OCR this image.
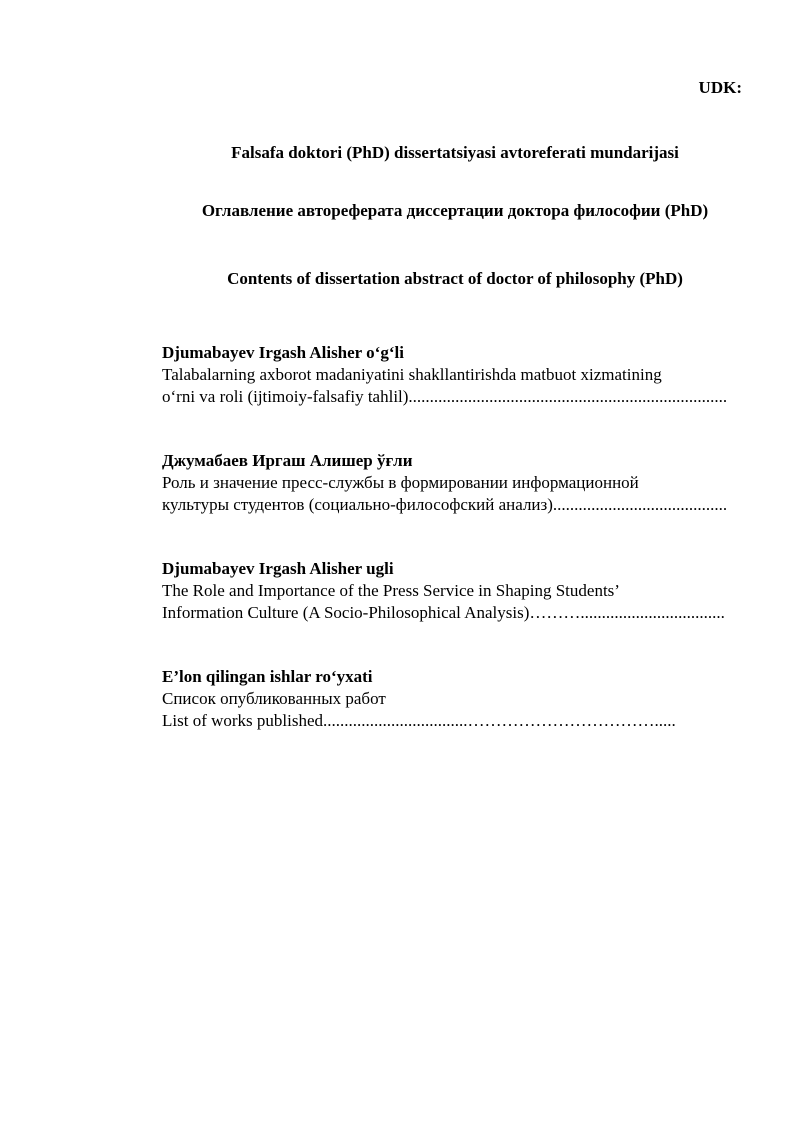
UDK:

Falsafa doktori (PhD) dissertatsiyasi avtoreferati mundarijasi

Оглавление автореферата диссертации доктора философии (PhD)

Contents of dissertation abstract of doctor of philosophy (PhD)

Djumabayev Irgash Alisher o‘g‘li

Talabalarning axborot madaniyatini shakllantirishda matbuot xizmatining
o‘rni va roli (ijtimoiy-falsafiy tahlil)...........................................................................

Джумабаев Иргаш Алишер ўғли

Роль и значение пресс-службы в формировании информационной
культуры студентов (социально-философский анализ).........................................

Djumabayev Irgash Alisher ugli

The Role and Importance of the Press Service in Shaping Students’
Information Culture (A Socio-Philosophical Analysis)………..................................

E’lon qilingan ishlar ro‘yxati

Список опубликованных работ

List of works published..................................…………………………….....
